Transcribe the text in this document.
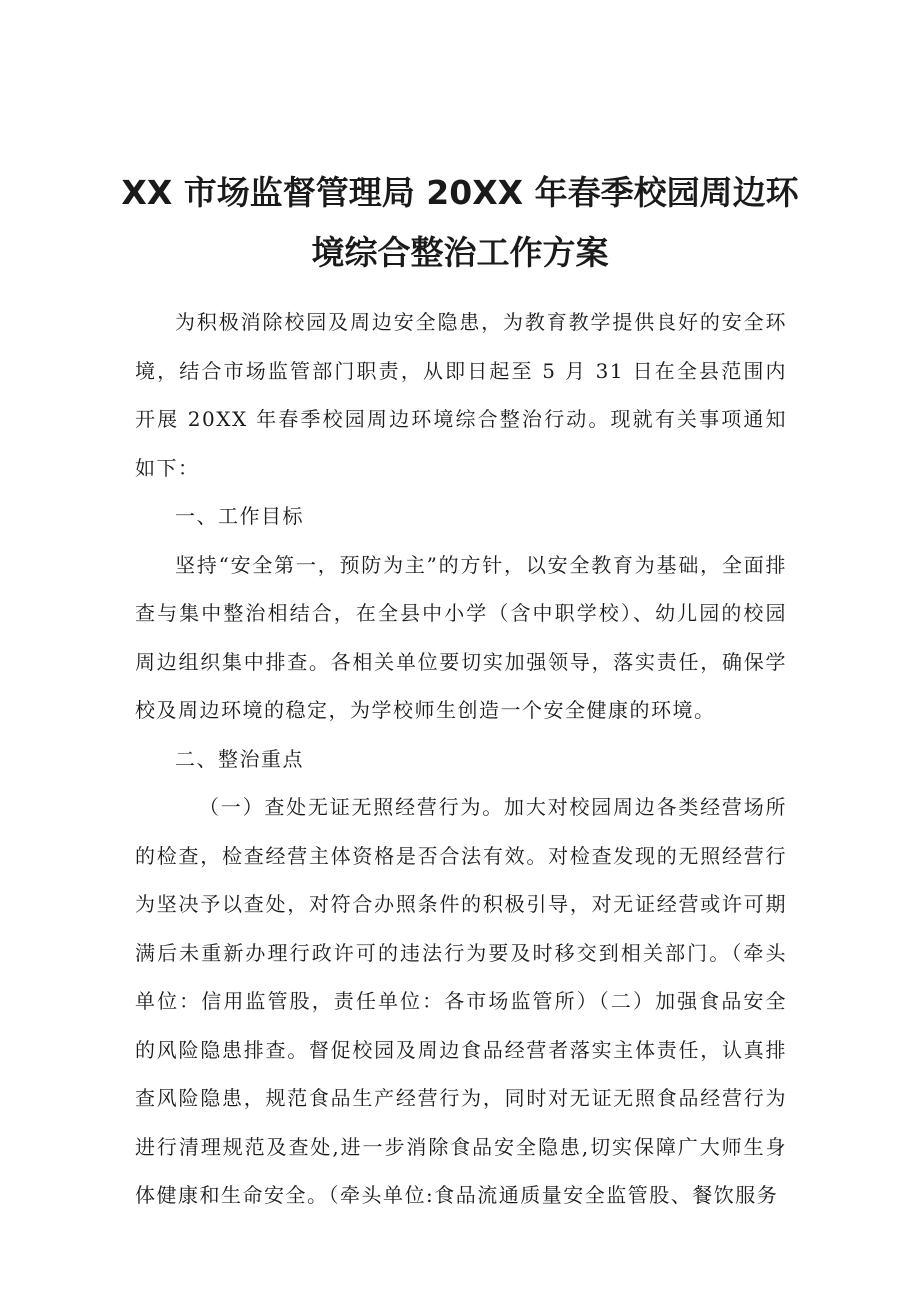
XX 市场监督管理局 20XX 年春季校园周边环
境综合整治工作方案

为积极消除校园及周边安全隐患，为教育教学提供良好的安全环境，结合市场监管部门职责，从即日起至 5 月 31 日在全县范围内开展 20XX 年春季校园周边环境综合整治行动。现就有关事项通知如下：

一、工作目标

坚持“安全第一，预防为主”的方针，以安全教育为基础，全面排查与集中整治相结合，在全县中小学（含中职学校）、幼儿园的校园周边组织集中排查。各相关单位要切实加强领导，落实责任，确保学校及周边环境的稳定，为学校师生创造一个安全健康的环境。

二、整治重点

（一）查处无证无照经营行为。加大对校园周边各类经营场所的检查，检查经营主体资格是否合法有效。对检查发现的无照经营行为坚决予以查处，对符合办照条件的积极引导，对无证经营或许可期满后未重新办理行政许可的违法行为要及时移交到相关部门。（牵头单位：信用监管股，责任单位：各市场监管所）（二）加强食品安全的风险隐患排查。督促校园及周边食品经营者落实主体责任，认真排查风险隐患，规范食品生产经营行为，同时对无证无照食品经营行为进行清理规范及查处,进一步消除食品安全隐患,切实保障广大师生身体健康和生命安全。（牵头单位:食品流通质量安全监管股、餐饮服务
